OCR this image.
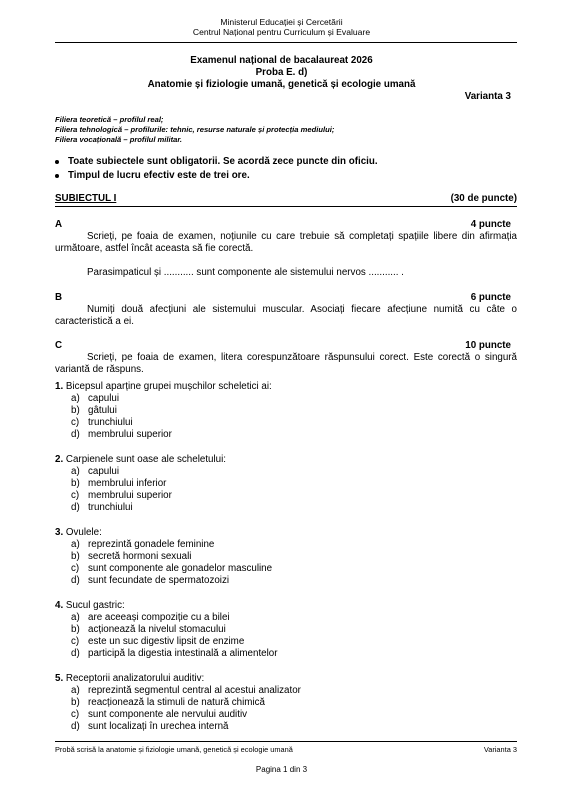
Ministerul Educației și Cercetării
Centrul Național pentru Curriculum și Evaluare
Examenul național de bacalaureat 2026
Proba E. d)
Anatomie și fiziologie umană, genetică și ecologie umană
Varianta 3
Filiera teoretică – profilul real;
Filiera tehnologică – profilurile: tehnic, resurse naturale și protecția mediului;
Filiera vocațională – profilul militar.
Toate subiectele sunt obligatorii. Se acordă zece puncte din oficiu.
Timpul de lucru efectiv este de trei ore.
SUBIECTUL I	(30 de puncte)
A	4 puncte
Scrieți, pe foaia de examen, noțiunile cu care trebuie să completați spațiile libere din afirmația următoare, astfel încât aceasta să fie corectă.
Parasimpaticul și ........... sunt componente ale sistemului nervos ........... .
B	6 puncte
Numiți două afecțiuni ale sistemului muscular. Asociați fiecare afecțiune numită cu câte o caracteristică a ei.
C	10 puncte
Scrieți, pe foaia de examen, litera corespunzătoare răspunsului corect. Este corectă o singură variantă de răspuns.
1. Bicepsul aparține grupei mușchilor scheletici ai:
a) capului
b) gâtului
c) trunchiului
d) membrului superior
2. Carpienele sunt oase ale scheletului:
a) capului
b) membrului inferior
c) membrului superior
d) trunchiului
3. Ovulele:
a) reprezintă gonadele feminine
b) secretă hormoni sexuali
c) sunt componente ale gonadelor masculine
d) sunt fecundate de spermatozoizi
4. Sucul gastric:
a) are aceeași compoziție cu a bilei
b) acționează la nivelul stomacului
c) este un suc digestiv lipsit de enzime
d) participă la digestia intestinală a alimentelor
5. Receptorii analizatorului auditiv:
a) reprezintă segmentul central al acestui analizator
b) reacționează la stimuli de natură chimică
c) sunt componente ale nervului auditiv
d) sunt localizați în urechea internă
Probă scrisă la anatomie și fiziologie umană, genetică și ecologie umană	Varianta 3
Pagina 1 din 3
